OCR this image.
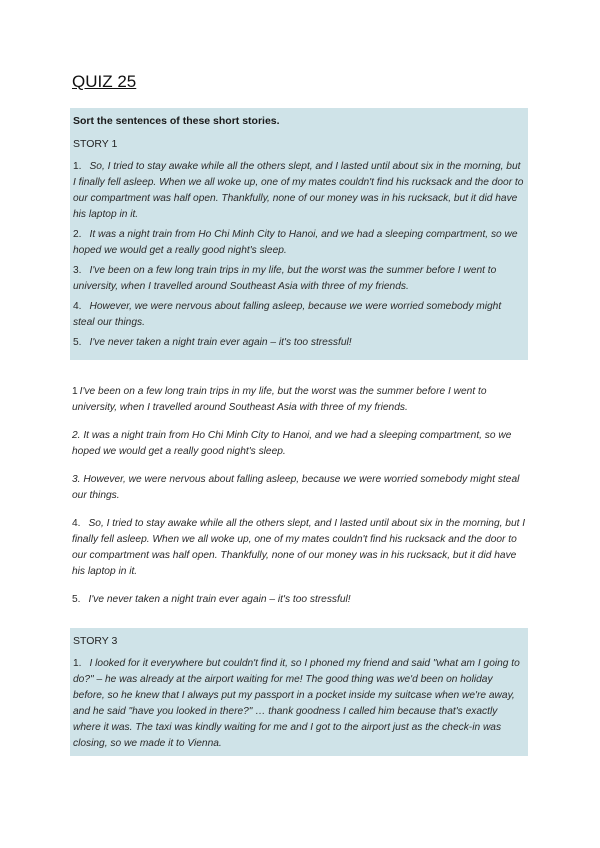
QUIZ 25

Sort the sentences of these short stories.

STORY 1

1. So, I tried to stay awake while all the others slept, and I lasted until about six in the morning, but I finally fell asleep. When we all woke up, one of my mates couldn't find his rucksack and the door to our compartment was half open. Thankfully, none of our money was in his rucksack, but it did have his laptop in it.

2. It was a night train from Ho Chi Minh City to Hanoi, and we had a sleeping compartment, so we hoped we would get a really good night's sleep.

3. I've been on a few long train trips in my life, but the worst was the summer before I went to university, when I travelled around Southeast Asia with three of my friends.

4. However, we were nervous about falling asleep, because we were worried somebody might steal our things.

5. I've never taken a night train ever again – it's too stressful!

1 I've been on a few long train trips in my life, but the worst was the summer before I went to university, when I travelled around Southeast Asia with three of my friends.

2. It was a night train from Ho Chi Minh City to Hanoi, and we had a sleeping compartment, so we hoped we would get a really good night's sleep.

3. However, we were nervous about falling asleep, because we were worried somebody might steal our things.

4. So, I tried to stay awake while all the others slept, and I lasted until about six in the morning, but I finally fell asleep. When we all woke up, one of my mates couldn't find his rucksack and the door to our compartment was half open. Thankfully, none of our money was in his rucksack, but it did have his laptop in it.

5. I've never taken a night train ever again – it's too stressful!

STORY 3

1. I looked for it everywhere but couldn't find it, so I phoned my friend and said "what am I going to do?" – he was already at the airport waiting for me! The good thing was we'd been on holiday before, so he knew that I always put my passport in a pocket inside my suitcase when we're away, and he said "have you looked in there?" … thank goodness I called him because that's exactly where it was. The taxi was kindly waiting for me and I got to the airport just as the check-in was closing, so we made it to Vienna.
